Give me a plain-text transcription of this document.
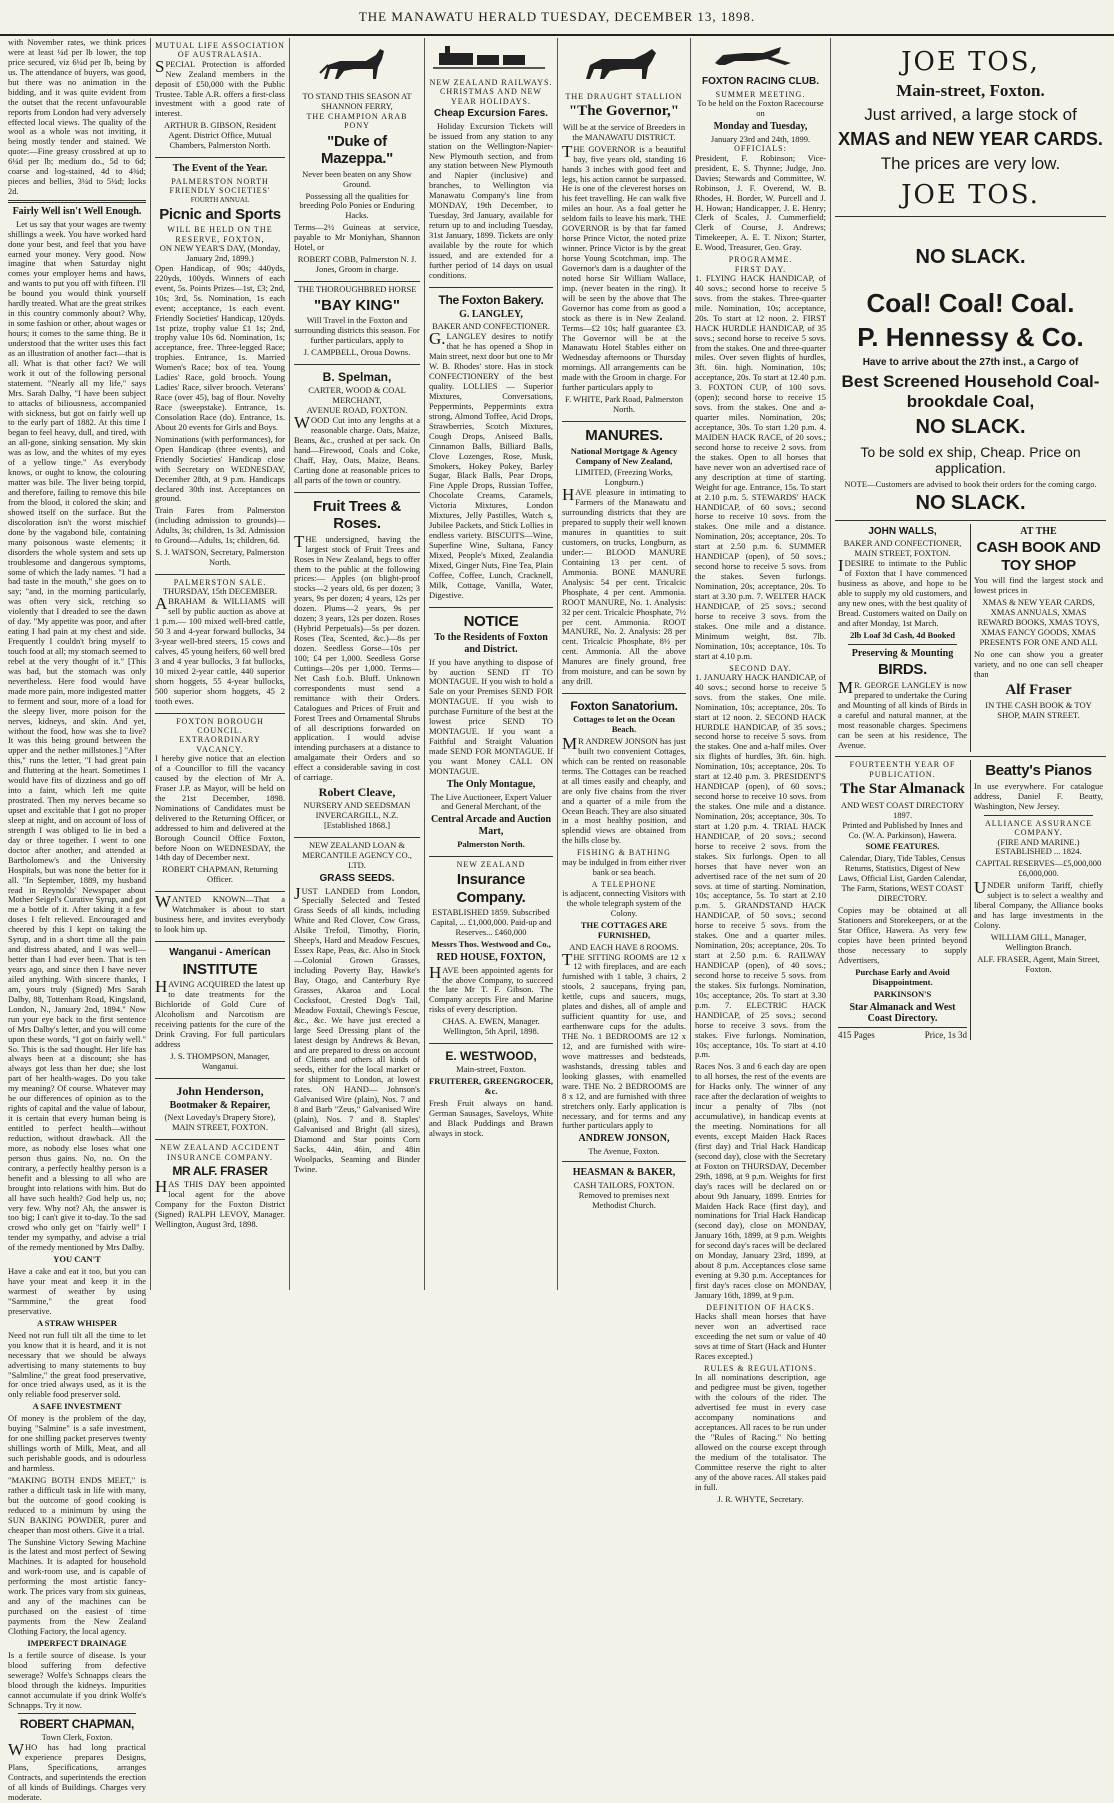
THE MANAWATU HERALD TUESDAY, DECEMBER 13, 1898.

with November rates, we think prices were at least ¼d per lb lower, the top price secured, viz 6¼d per lb, being by us. The attendance of buyers, was good, but there was no animation in the bidding, and it was quite evident from the outset that the recent unfavourable reports from London had very adversely effected local views. The quality of the wool as a whole was not inviting, it being mostly tender and stained. We quote:—Fine greasy crossbred at up to 6¼d per lb; medium do., 5d to 6d; coarse and log-stained, 4d to 4¾d; pieces and bellies, 3¼d to 5¼d; locks 2d.

Fairly Well isn't Well Enough.

Let us say that your wages are twenty shillings a week. You have worked hard done your best, and feel that you have earned your money. Very good. Now imagine that when Saturday night comes your employer hems and haws, and wants to put you off with fifteen. I'll be bound you would think yourself hardly treated. What are the great strikes in this country commonly about? Why, in some fashion or other, about wages or hours; it comes to the same thing. Be it understood that the writer uses this fact as an illustration of another fact—that is all. What is that other fact? We will work it out of the following personal statement. "Nearly all my life," says Mrs. Sarah Dalby, "I have been subject to attacks of biliousness, accompanied with sickness, but got on fairly well up to the early part of 1882. At this time I began to feel heavy, dull, and tired, with an all-gone, sinking sensation. My skin was as low, and the whites of my eyes of a yellow tinge." As everybody knows, or ought to know, the colouring matter was bile. The liver being torpid, and therefore, failing to remove this bile from the blood, it colored the skin; and showed itself on the surface. But the discoloration isn't the worst mischief done by the vagabond bile, containing many poisonous waste elements; it disorders the whole system and sets up troublesome and dangerous symptoms, some of which the lady names. "I had a bad taste in the mouth," she goes on to say; "and, in the morning particularly, was often very sick, retching so violently that I dreaded to see the dawn of day. "My appetite was poor, and after eating I had pain at my chest and side. Frequently I couldn't bring myself to touch food at all; my stomach seemed to rebel at the very thought of it." [This was bad, but the stomach was only nevertheless. Here food would have made more pain, more indigested matter to ferment and sour, more of a load for the sleepy liver, more poison for the nerves, kidneys, and skin. And yet, without the food, how was she to live? It was this being ground between the upper and the nether millstones.] "After this," runs the letter, "I had great pain and fluttering at the heart. Sometimes I would have fits of dizziness and go off into a faint, which left me quite prostrated. Then my nerves became so upset and excitable that I got no proper sleep at night, and on account of loss of strength I was obliged to lie in bed a day or three together. I went to one doctor after another, and attended at Bartholomew's and the University Hospitals, but was none the better for it all. "In September, 1889, my husband read in Reynolds' Newspaper about Mother Seigel's Curative Syrup, and got me a bottle of it. After taking it a few doses I felt relieved. Encouraged and cheered by this I kept on taking the Syrup, and in a short time all the pain and distress abated, and I was well—better than I had ever been. That is ten years ago, and since then I have never ailed anything. With sincere thanks, I am, yours truly (Signed) Mrs Sarah Dalby, 88, Tottenham Road, Kingsland, London, N., January 2nd, 1894." Now run your eye back to the first sentence of Mrs Dalby's letter, and you will come upon these words, "I got on fairly well." So. This is the sad thought. Her life has always been at a discount; she has always got less than her due; she lost part of her health-wages. Do you take my meaning? Of course. Whatever may be our differences of opinion as to the rights of capital and the value of labour, it is certain that every human being is entitled to perfect health—without reduction, without drawback. All the more, as nobody else loses what one person thus gains. No, no. On the contrary, a perfectly healthy person is a benefit and a blessing to all who are brought into relations with him. But do all have such health? God help us, no; very few. Why not? Ah, the answer is too big; I can't give it to-day. To the sad crowd who only get on "fairly well" I tender my sympathy, and advise a trial of the remedy mentioned by Mrs Dalby.

YOU CAN'T

Have a cake and eat it too, but you can have your meat and keep it in the warmest of weather by using "Sarmmine," the great food preservative.

A STRAW WHISPER

Need not run full tilt all the time to let you know that it is heard, and it is not necessary that we should be always advertising to many statements to buy "Salmline," the great food preservative, for once tried always used, as it is the only reliable food preserver sold.

A SAFE INVESTMENT

Of money is the problem of the day, buying "Salmine" is a safe investment, for one shilling packet preserves twenty shillings worth of Milk, Meat, and all such perishable goods, and is odourless and harmless.

"MAKING BOTH ENDS MEET," is rather a difficult task in life with many, but the outcome of good cooking is reduced to a minimum by using the SUN BAKING POWDER, purer and cheaper than most others. Give it a trial.

The Sunshine Victory Sewing Machine is the latest and most perfect of Sewing Machines. It is adapted for household and work-room use, and is capable of performing the most artistic fancy-work. The prices vary from six guineas, and any of the machines can be purchased on the easiest of time payments from the New Zealand Clothing Factory, the local agency.

IMPERFECT DRAINAGE

Is a fertile source of disease. Is your blood suffering from defective sewerage? Wolfe's Schnapps clears the blood through the kidneys. Impurities cannot accumulate if you drink Wolfe's Schnapps. Try it now.

ROBERT CHAPMAN,
Town Clerk, Foxton.

WHO has had long practical experience prepares Designs, Plans, Specifications, arranges Contracts, and superintends the erection of all kinds of Buildings. Charges very moderate.

MUTUAL LIFE ASSOCIATION OF AUSTRALASIA.

SPECIAL Protection is afforded New Zealand members in the deposit of £50,000 with the Public Trustee. Table A.R. offers a first-class investment with a good rate of interest.

ARTHUR B. GIBSON, Resident Agent. District Office, Mutual Chambers, Palmerston North.

The Event of the Year.
PALMERSTON NORTH FRIENDLY SOCIETIES'
FOURTH ANNUAL
Picnic and Sports
WILL BE HELD ON THE RESERVE, FOXTON,
ON NEW YEAR'S DAY, (Monday, January 2nd, 1899.)

Open Handicap, of 90s; 440yds, 220yds, 100yds. Winners of each event, 5s. Points Prizes—1st, £3; 2nd, 10s; 3rd, 5s. Nomination, 1s each event; acceptance, 1s each event. Friendly Societies' Handicap, 120yds. 1st prize, trophy value £1 1s; 2nd, trophy value 10s 6d. Nomination, 1s; acceptance, free. Three-legged Race; trophies. Entrance, 1s. Married Women's Race; box of tea. Young Ladies' Race, gold brooch. Young Ladies' Race, silver brooch. Veterans' Race (over 45), bag of flour. Novelty Race (sweepstake). Entrance, 1s. Consolation Race (do). Entrance, 1s. About 20 events for Girls and Boys.

Nominations (with performances), for Open Handicap (three events), and Friendly Societies' Handicap close with Secretary on WEDNESDAY, December 28th, at 9 p.m. Handicaps declared 30th inst. Acceptances on ground.

Train Fares from Palmerston (including admission to grounds)—Adults, 3s; children, 1s 3d. Admission to Ground—Adults, 1s; children, 6d.

S. J. WATSON, Secretary, Palmerston North.

PALMERSTON SALE.
THURSDAY, 15th DECEMBER.

ABRAHAM & WILLIAMS will sell by public auction as above at 1 p.m.— 100 mixed well-bred cattle, 50 3 and 4-year forward bullocks, 34 3-year well-bred steers, 15 cows and calves, 45 young heifers, 60 well bred 3 and 4 year bullocks, 3 fat bullocks, 10 mixed 2-year cattle, 440 superior shorn hoggets, 55 4-year bullocks, 500 superior shorn hoggets, 45 2 tooth ewes.

FOXTON BOROUGH COUNCIL.
EXTRAORDINARY VACANCY.

I hereby give notice that an election of a Councillor to fill the vacancy caused by the election of Mr A. Fraser J.P. as Mayor, will be held on the 21st December, 1898. Nominations of Candidates must be delivered to the Returning Officer, or addressed to him and delivered at the Borough Council Office Foxton, before Noon on WEDNESDAY, the 14th day of December next.

ROBERT CHAPMAN, Returning Officer.

WANTED KNOWN—That a Watchmaker is about to start business here, and invites everybody to look him up.

Wanganui - American
INSTITUTE

HAVING ACQUIRED the latest up to date treatments for the Bichloride of Gold Cure of Alcoholism and Narcotism are receiving patients for the cure of the Drink Craving. For full particulars address

J. S. THOMPSON, Manager, Wanganui.

John Henderson,
Bootmaker & Repairer,

(Next Loveday's Drapery Store), MAIN STREET, FOXTON.

NEW ZEALAND ACCIDENT INSURANCE COMPANY.
MR ALF. FRASER

HAS THIS DAY been appointed local agent for the above Company for the Foxton District (Signed) RALPH LEVOY, Manager. Wellington, August 3rd, 1898.

TO STAND THIS SEASON AT SHANNON FERRY,
THE CHAMPION ARAB PONY
"Duke of Mazeppa."

Never been beaten on any Show Ground.

Possessing all the qualities for breeding Polo Ponies or Enduring Hacks.

Terms—2½ Guineas at service, payable to Mr Moniyhan, Shannon Hotel, or

ROBERT COBB, Palmerston N. J. Jones, Groom in charge.

THE THOROUGHBRED HORSE
"BAY KING"

Will Travel in the Foxton and surrounding districts this season. For further particulars, apply to

J. CAMPBELL, Oroua Downs.

B. Spelman,
CARTER, WOOD & COAL MERCHANT,
AVENUE ROAD, FOXTON.

WOOD Cut into any lengths at a reasonable charge. Oats, Maize, Beans, &c., crushed at per sack. On hand—Firewood, Coals and Coke, Chaff, Hay, Oats, Maize, Beans. Carting done at reasonable prices to all parts of the town or country.

Fruit Trees & Roses.

THE undersigned, having the largest stock of Fruit Trees and Roses in New Zealand, begs to offer them to the public at the following prices:— Apples (on blight-proof stocks—2 years old, 6s per dozen; 3 years, 9s per dozen; 4 years, 12s per dozen. Plums—2 years, 9s per dozen; 3 years, 12s per dozen. Roses (Hybrid Perpetuals)—5s per dozen. Roses (Tea, Scented, &c.)—8s per dozen. Seedless Gorse—10s per 100; £4 per 1,000. Seedless Gorse Cuttings—20s per 1,000. Terms—Net Cash f.o.b. Bluff. Unknown correspondents must send a remittance with their Orders. Catalogues and Prices of Fruit and Forest Trees and Ornamental Shrubs of all descriptions forwarded on application. I would advise intending purchasers at a distance to amalgamate their Orders and so effect a considerable saving in cost of carriage.

Robert Cleave,

NURSERY AND SEEDSMAN INVERCARGILL, N.Z. [Established 1868.]

NEW ZEALAND LOAN & MERCANTILE AGENCY CO., LTD.
GRASS SEEDS.

JUST LANDED from London, Specially Selected and Tested Grass Seeds of all kinds, including White and Red Clover, Cow Grass, Alsike Trefoil, Timothy, Fiorin, Sheep's, Hard and Meadow Fescues, Essex Rape, Peas, &c. Also in Stock—Colonial Grown Grasses, including Poverty Bay, Hawke's Bay, Otago, and Canterbury Rye Grasses, Akaroa and Local Cocksfoot, Crested Dog's Tail, Meadow Foxtail, Chewing's Fescue, &c., &c. We have just erected a large Seed Dressing plant of the latest design by Andrews & Bevan, and are prepared to dress on account of Clients and others all kinds of seeds, either for the local market or for shipment to London, at lowest rates. ON HAND— Johnson's Galvanised Wire (plain), Nos. 7 and 8 and Barb "Zeus," Galvanised Wire (plain), Nos. 7 and 8. Staples' Galvanised and Bright (all sizes), Diamond and Star points Corn Sacks, 44in, 46in, and 48in Woolpacks, Seaming and Binder Twine.

NEW ZEALAND RAILWAYS.
CHRISTMAS AND NEW YEAR HOLIDAYS.
Cheap Excursion Fares.

Holiday Excursion Tickets will be issued from any station to any station on the Wellington-Napier-New Plymouth section, and from any station between New Plymouth and Napier (inclusive) and branches, to Wellington via Manawatu Company's line from MONDAY, 19th December, to Tuesday, 3rd January, available for return up to and including Tuesday, 31st January, 1899. Tickets are only available by the route for which issued, and are extended for a further period of 14 days on usual conditions.

The Foxton Bakery.
G. LANGLEY,
BAKER AND CONFECTIONER.

G.LANGLEY desires to notify that he has opened a Shop in Main street, next door but one to Mr W. B. Rhodes' store. Has in stock CONFECTIONERY of the best quality. LOLLIES — Superior Mixtures, Conversations, Peppermints, Peppermints extra strong, Almond Toffee, Acid Drops, Strawberries, Scotch Mixtures, Cough Drops, Aniseed Balls, Cinnamon Balls, Billiard Balls, Clove Lozenges, Rose, Musk, Smokers, Hokey Pokey, Barley Sugar, Black Balls, Pear Drops, Fine Apple Drops, Russian Toffee, Chocolate Creams, Caramels, Victoria Mixtures, London Mixtures, Jelly Pastilles, Watch s, Jubilee Packets, and Stick Lollies in endless variety. BISCUITS—Wine, Superfine Wine, Sultana, Fancy Mixed, People's Mixed, Zealandia Mixed, Ginger Nuts, Fine Tea, Plain Coffee, Coffee, Lunch, Cracknell, Milk, Cottage, Vanilla, Water, Digestive.

NOTICE
To the Residents of Foxton and District.

If you have anything to dispose of by auction SEND IT TO MONTAGUE. If you wish to hold a Sale on your Premises SEND FOR MONTAGUE. If you wish to purchase Furniture of the best at the lowest price SEND TO MONTAGUE. If you want a Faithful and Straight Valuation made SEND FOR MONTAGUE. If you want Money CALL ON MONTAGUE.

The Only Montague,

The Live Auctioneer, Expert Valuer and General Merchant, of the

Central Arcade and Auction Mart,
Palmerston North.
NEW ZEALAND
Insurance Company.

ESTABLISHED 1859. Subscribed Capital, ... £1,000,000. Paid-up and Reserves... £460,000

Messrs Thos. Westwood and Co.,
RED HOUSE, FOXTON,

HAVE been appointed agents for the above Company, to succeed the late Mr T. F. Gibson. The Company accepts Fire and Marine risks of every description.

CHAS. A. EWEN, Manager. Wellington, 5th April, 1898.

E. WESTWOOD,
Main-street, Foxton.
FRUITERER, GREENGROCER, &c.

Fresh Fruit always on hand. German Sausages, Saveloys, White and Black Puddings and Brawn always in stock.

THE DRAUGHT STALLION
"The Governor,"

Will be at the service of Breeders in the MANAWATU DISTRICT.

THE GOVERNOR is a beautiful bay, five years old, standing 16 hands 3 inches with good feet and legs, his action cannot be surpassed. He is one of the cleverest horses on his feet travelling. He can walk five miles an hour. As a foal getter he seldom fails to leave his mark. THE GOVERNOR is by that far famed horse Prince Victor, the noted prize winner. Prince Victor is by the great horse Young Scotchman, imp. The Governor's dam is a daughter of the noted horse Sir William Wallace, imp. (never beaten in the ring). It will be seen by the above that The Governor has come from as good a stock as there is in New Zealand. Terms—£2 10s; half guarantee £3. The Governor will be at the Manawatu Hotel Stables either on Wednesday afternoons or Thursday mornings. All arrangements can be made with the Groom in charge. For further particulars apply to

F. WHITE, Park Road, Palmerston North.

MANURES.
National Mortgage & Agency Company of New Zealand,
LIMITED, (Freezing Works, Longburn.)

HAVE pleasure in intimating to Farmers of the Manawatu and surrounding districts that they are prepared to supply their well known manures in quantities to suit customers, on trucks, Longburn, as under:— BLOOD MANURE Containing 13 per cent. of Ammonia. BONE MANURE Analysis: 54 per cent. Tricalcic Phosphate, 4 per cent. Ammonia. ROOT MANURE, No. 1. Analysis: 32 per cent. Tricalcic Phosphate, 7½ per cent. Ammonia. ROOT MANURE, No. 2. Analysis: 28 per cent. Tricalcic Phosphate, 8½ per cent. Ammonia. All the above Manures are finely ground, free from moisture, and can be sown by any drill.

Foxton Sanatorium.
Cottages to let on the Ocean Beach.

MR ANDREW JONSON has just built two convenient Cottages, which can be rented on reasonable terms. The Cottages can be reached at all times easily and cheaply, and are only five chains from the river and a quarter of a mile from the Ocean Beach. They are also situated in a most healthy position, and splendid views are obtained from the hills close by.

FISHING & BATHING

may be indulged in from either river bank or sea beach.

A TELEPHONE

is adjacent, connecting Visitors with the whole telegraph system of the Colony.

THE COTTAGES ARE FURNISHED,
AND EACH HAVE 8 ROOMS.

THE SITTING ROOMS are 12 x 12 with fireplaces, and are each furnished with 1 table, 3 chairs, 2 stools, 2 saucepans, frying pan, kettle, cups and saucers, mugs, plates and dishes, all of ample and sufficient quantity for use, and earthenware cups for the adults. THE No. 1 BEDROOMS are 12 x 12, and are furnished with wire-wove mattresses and bedsteads, washstands, dressing tables and looking glasses, with enamelled ware. THE No. 2 BEDROOMS are 8 x 12, and are furnished with three stretchers only. Early application is necessary, and for terms and any further particulars apply to

ANDREW JONSON,
The Avenue, Foxton.
HEASMAN & BAKER,
CASH TAILORS, FOXTON.

Removed to premises next Methodist Church.

FOXTON RACING CLUB.
SUMMER MEETING.
To be held on the Foxton Racecourse on
Monday and Tuesday,
January 23rd and 24th, 1899.
OFFICIALS:

President, F. Robinson; Vice-president, E. S. Thynne; Judge, Jno. Davies; Stewards and Committee, W. Robinson, J. F. Overend, W. B. Rhodes, H. Border, W. Purcell and J. H. Howan; Handicapper, J. E. Henry; Clerk of Scales, J. Cummerfield; Clerk of Course, J. Andrews; Timekeeper, A. E. T. Nixon; Starter, E. Wood, Treasurer, Geo. Gray.

PROGRAMME.
FIRST DAY.

1. FLYING HACK HANDICAP, of 40 sovs.; second horse to receive 5 sovs. from the stakes. Three-quarter mile. Nomination, 10s; acceptance, 20s. To start at 12 noon. 2. FIRST HACK HURDLE HANDICAP, of 35 sovs.; second horse to receive 5 sovs. from the stakes. One and three-quarter miles. Over seven flights of hurdles, 3ft. 6in. high. Nomination, 10s; acceptance, 20s. To start at 12.40 p.m. 3. FOXTON CUP, of 100 sovs. (open); second horse to receive 15 sovs. from the stakes. One and a-quarter miles. Nomination, 20s; acceptance, 30s. To start 1.20 p.m. 4. MAIDEN HACK RACE, of 20 sovs.; second horse to receive 2 sovs. from the stakes. Open to all horses that have never won an advertised race of any description at time of starting. Weight for age. Entrance, 15s. To start at 2.10 p.m. 5. STEWARDS' HACK HANDICAP, of 60 sovs.; second horse to receive 10 sovs. from the stakes. One mile and a distance. Nomination, 20s; acceptance, 20s. To start at 2.50 p.m. 6. SUMMER HANDICAP (open), of 50 sovs.; second horse to receive 5 sovs. from the stakes. Seven furlongs. Nomination, 20s; acceptance, 20s. To start at 3.30 p.m. 7. WELTER HACK HANDICAP, of 25 sovs.; second horse to receive 3 sovs. from the stakes. One mile and a distance. Minimum weight, 8st. 7lb. Nomination, 10s; acceptance, 10s. To start at 4.10 p.m.

SECOND DAY.

1. JANUARY HACK HANDICAP, of 40 sovs.; second horse to receive 5 sovs. from the stakes. One mile. Nomination, 10s; acceptance, 20s. To start at 12 noon. 2. SECOND HACK HURDLE HANDICAP, of 35 sovs.; second horse to receive 5 sovs. from the stakes. One and a-half miles. Over six flights of hurdles, 3ft. 6in. high. Nomination, 10s; acceptance, 20s. To start at 12.40 p.m. 3. PRESIDENT'S HANDICAP (open), of 60 sovs.; second horse to receive 10 sovs. from the stakes. One mile and a distance. Nomination, 20s; acceptance, 30s. To start at 1.20 p.m. 4. TRIAL HACK HANDICAP, of 20 sovs.; second horse to receive 2 sovs. from the stakes. Six furlongs. Open to all horses that have never won an advertised race of the net sum of 20 sovs. at time of starting. Nomination, 10s; acceptance, 5s. To start at 2.10 p.m. 5. GRANDSTAND HACK HANDICAP, of 50 sovs.; second horse to receive 5 sovs. from the stakes. One and a quarter miles. Nomination, 20s; acceptance, 20s. To start at 2.50 p.m. 6. RAILWAY HANDICAP (open), of 40 sovs.; second horse to receive 5 sovs. from the stakes. Six furlongs. Nomination, 10s; acceptance, 20s. To start at 3.30 p.m. 7. ELECTRIC HACK HANDICAP, of 25 sovs.; second horse to receive 3 sovs. from the stakes. Five furlongs. Nomination, 10s; acceptance, 10s. To start at 4.10 p.m.

Races Nos. 3 and 6 each day are open to all horses, the rest of the events are for Hacks only. The winner of any race after the declaration of weights to incur a penalty of 7lbs (not accumulative), in handicap events at the meeting. Nominations for all events, except Maiden Hack Races (first day) and Trial Hack Handicap (second day), close with the Secretary at Foxton on THURSDAY, December 29th, 1898, at 9 p.m. Weights for first day's races will be declared on or about 9th January, 1899. Entries for Maiden Hack Race (first day), and nominations for Trial Hack Handicap (second day), close on MONDAY, January 16th, 1899, at 9 p.m. Weights for second day's races will be declared on Monday, January 23rd, 1899, at about 8 p.m. Acceptances close same evening at 9.30 p.m. Acceptances for first day's races close on MONDAY, January 16th, 1899, at 9 p.m.

DEFINITION OF HACKS.

Hacks shall mean horses that have never won an advertised race exceeding the net sum or value of 40 sovs at time of Start (Hack and Hunter Races excepted.)

RULES & REGULATIONS.

In all nominations description, age and pedigree must be given, together with the colours of the rider. The advertised fee must in every case accompany nominations and acceptances. All races to be run under the "Rules of Racing." No betting allowed on the course except through the medium of the totalisator. The Committee reserve the right to alter any of the above races. All stakes paid in full.

J. R. WHYTE, Secretary.

JOE TOS,
Main-street, Foxton.
Just arrived, a large stock of
XMAS and NEW YEAR CARDS.
The prices are very low.
JOE TOS.
NO SLACK.
Coal! Coal! Coal.
P. Hennessy & Co.
Have to arrive about the 27th inst., a Cargo of
Best Screened Household Coal-brookdale Coal,
NO SLACK.
To be sold ex ship, Cheap. Price on application.

NOTE—Customers are advised to book their orders for the coming cargo.

NO SLACK.
JOHN WALLS,
BAKER AND CONFECTIONER, MAIN STREET, FOXTON.

IDESIRE to intimate to the Public of Foxton that I have commenced business as above, and hope to be able to supply my old customers, and any new ones, with the best quality of Bread. Customers waited on Daily on and after Monday, 1st March.

2lb Loaf 3d Cash, 4d Booked
Preserving & Mounting
BIRDS.

MR. GEORGE LANGLEY is now prepared to undertake the Curing and Mounting of all kinds of Birds in a careful and natural manner, at the most reasonable charges. Specimens can be seen at his residence, The Avenue.

AT THE
CASH BOOK AND TOY SHOP

You will find the largest stock and lowest prices in

XMAS & NEW YEAR CARDS, XMAS ANNUALS, XMAS REWARD BOOKS, XMAS TOYS, XMAS FANCY GOODS, XMAS PRESENTS FOR ONE AND ALL

No one can show you a greater variety, and no one can sell cheaper than

Alf Fraser

IN THE CASH BOOK & TOY SHOP, MAIN STREET.

FOURTEENTH YEAR OF PUBLICATION.
The Star Almanack
AND WEST COAST DIRECTORY 1897.

Printed and Published by Innes and Co. (W. A. Parkinson), Hawera.

SOME FEATURES.

Calendar, Diary, Tide Tables, Census Returns, Statistics, Digest of New Laws, Official List, Garden Calendar, The Farm, Stations, WEST COAST DIRECTORY.

Copies may be obtained at all Stationers and Storekeepers, or at the Star Office, Hawera. As very few copies have been printed beyond those necessary to supply Advertisers,

Purchase Early and Avoid Disappointment.
PARKINSON'S
Star Almanack and West Coast Directory.
415 Pages	Price, 1s 3d
Beatty's Pianos

In use everywhere. For catalogue address, Daniel F. Beatty, Washington, New Jersey.

ALLIANCE ASSURANCE COMPANY.
(FIRE AND MARINE.)

ESTABLISHED ... 1824.

CAPITAL RESERVES—£5,000,000 £6,000,000.

UNDER uniform Tariff, chiefly subject is to select a wealthy and liberal Company, the Alliance books and has large investments in the Colony.

WILLIAM GILL, Manager, Wellington Branch.

ALF. FRASER, Agent, Main Street, Foxton.
